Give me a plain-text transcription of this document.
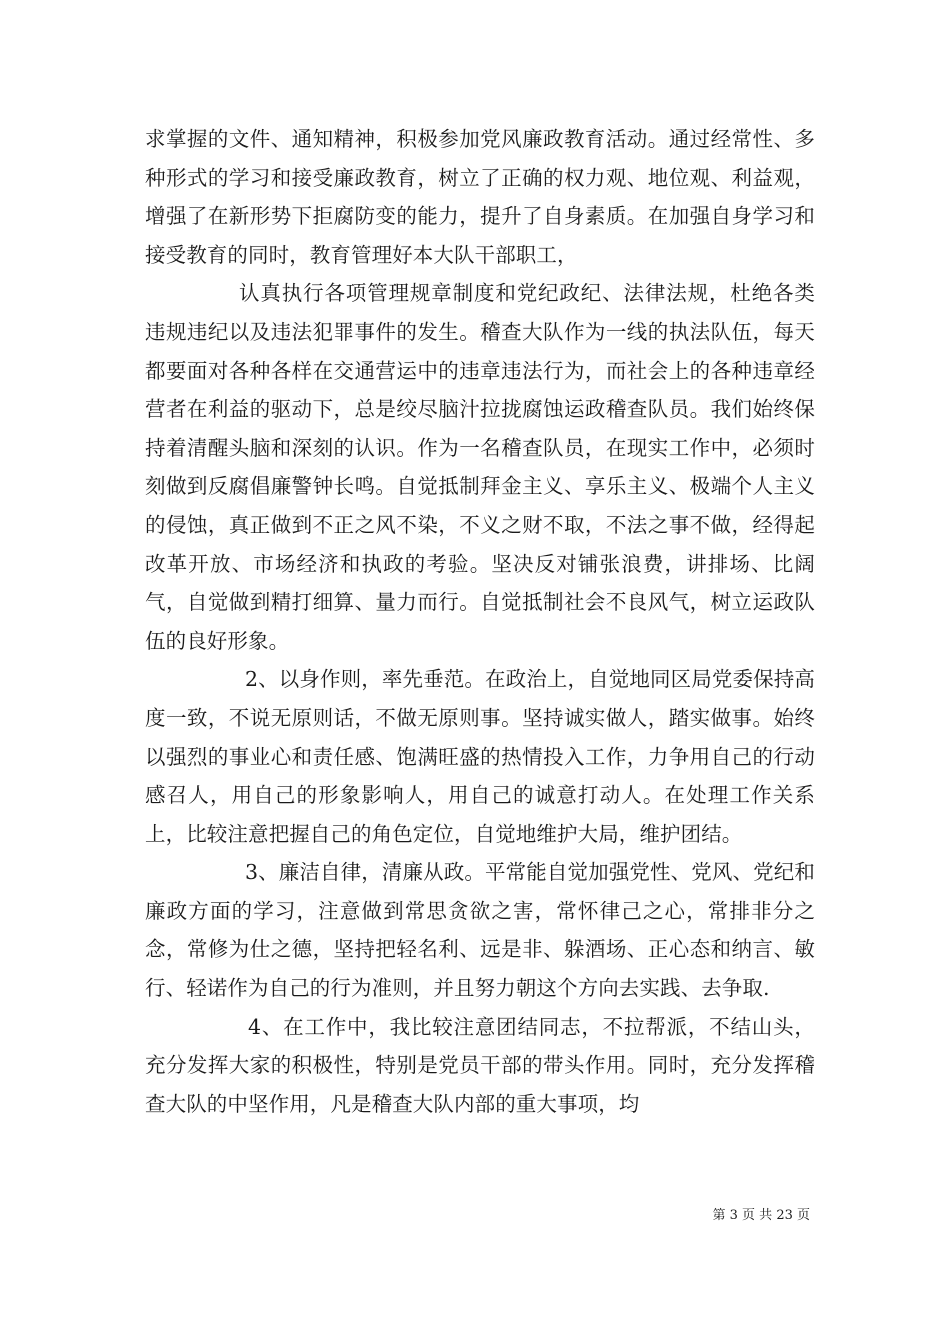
求掌握的文件、通知精神，积极参加党风廉政教育活动。通过经常性、多种形式的学习和接受廉政教育，树立了正确的权力观、地位观、利益观，增强了在新形势下拒腐防变的能力，提升了自身素质。在加强自身学习和接受教育的同时，教育管理好本大队干部职工，

认真执行各项管理规章制度和党纪政纪、法律法规，杜绝各类违规违纪以及违法犯罪事件的发生。稽查大队作为一线的执法队伍，每天都要面对各种各样在交通营运中的违章违法行为，而社会上的各种违章经营者在利益的驱动下，总是绞尽脑汁拉拢腐蚀运政稽查队员。我们始终保持着清醒头脑和深刻的认识。作为一名稽查队员，在现实工作中，必须时刻做到反腐倡廉警钟长鸣。自觉抵制拜金主义、享乐主义、极端个人主义的侵蚀，真正做到不正之风不染，不义之财不取，不法之事不做，经得起改革开放、市场经济和执政的考验。坚决反对铺张浪费，讲排场、比阔气，自觉做到精打细算、量力而行。自觉抵制社会不良风气，树立运政队伍的良好形象。

2、以身作则，率先垂范。在政治上，自觉地同区局党委保持高度一致，不说无原则话，不做无原则事。坚持诚实做人，踏实做事。始终以强烈的事业心和责任感、饱满旺盛的热情投入工作，力争用自己的行动感召人，用自己的形象影响人，用自己的诚意打动人。在处理工作关系上，比较注意把握自己的角色定位，自觉地维护大局，维护团结。

3、廉洁自律，清廉从政。平常能自觉加强党性、党风、党纪和廉政方面的学习，注意做到常思贪欲之害，常怀律己之心，常排非分之念，常修为仕之德，坚持把轻名利、远是非、躲酒场、正心态和纳言、敏行、轻诺作为自己的行为准则，并且努力朝这个方向去实践、去争取.

4、在工作中，我比较注意团结同志，不拉帮派，不结山头，充分发挥大家的积极性，特别是党员干部的带头作用。同时，充分发挥稽查大队的中坚作用，凡是稽查大队内部的重大事项，均

第 3 页 共 23 页
